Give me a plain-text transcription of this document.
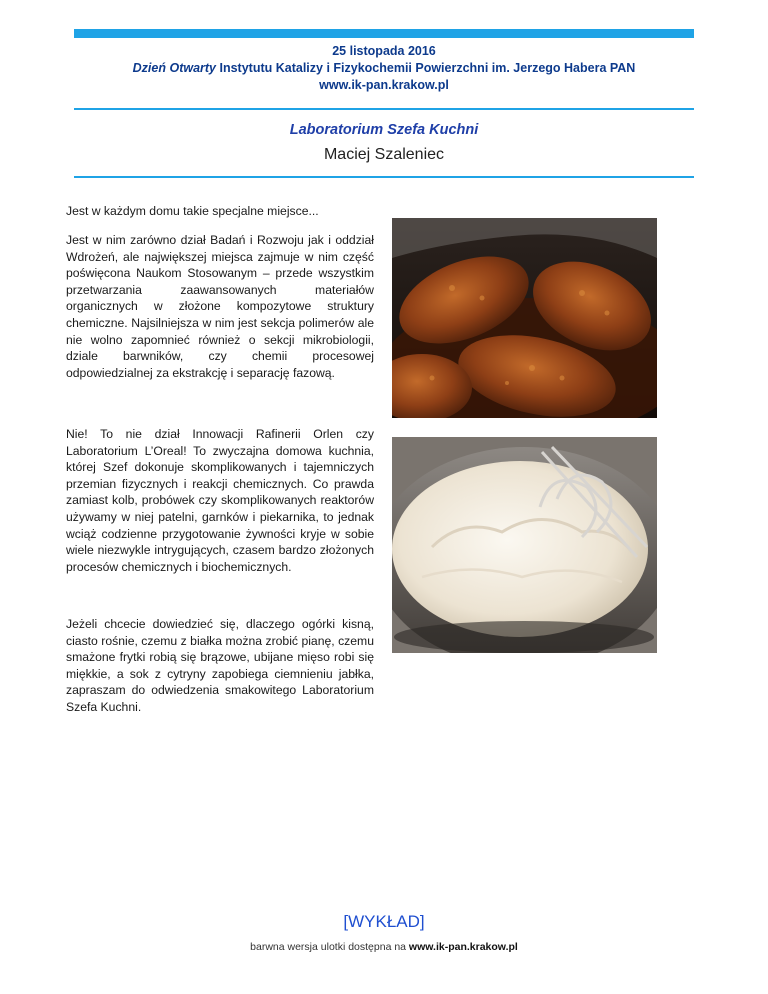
25 listopada 2016
Dzień Otwarty Instytutu Katalizy i Fizykochemii Powierzchni im. Jerzego Habera PAN
www.ik-pan.krakow.pl
Laboratorium Szefa Kuchni
Maciej Szaleniec
Jest w każdym domu takie specjalne miejsce...
Jest w nim zarówno dział Badań i Rozwoju jak i oddział Wdrożeń, ale największej miejsca zajmuje w nim część poświęcona Naukom Stosowanym – przede wszystkim przetwarzania zaawansowanych materiałów organicznych w złożone kompozytowe struktury chemiczne. Najsilniejsza w nim jest sekcja polimerów ale nie wolno zapomnieć również o sekcji mikrobiologii, dziale barwników, czy chemii procesowej odpowiedzialnej za ekstrakcję i separację fazową.
Nie! To nie dział Innowacji Rafinerii Orlen czy Laboratorium L’Oreal! To zwyczajna domowa kuchnia, której Szef dokonuje skomplikowanych i tajemniczych przemian fizycznych i reakcji chemicznych. Co prawda zamiast kolb, probówek czy skomplikowanych reaktorów używamy w niej patelni, garnków i piekarnika, to jednak wciąż codzienne przygotowanie żywności kryje w sobie wiele niezwykle intrygujących, czasem bardzo złożonych procesów chemicznych i biochemicznych.
Jeżeli chcecie dowiedzieć się, dlaczego ogórki kisną, ciasto rośnie, czemu z białka można zrobić pianę, czemu smażone frytki robią się brązowe, ubijane mięso robi się miękkie, a sok z cytryny zapobiega ciemnieniu jabłka, zapraszam do odwiedzenia smakowitego Laboratorium Szefa Kuchni.
[WYKŁAD]
barwna wersja ulotki dostępna na www.ik-pan.krakow.pl
